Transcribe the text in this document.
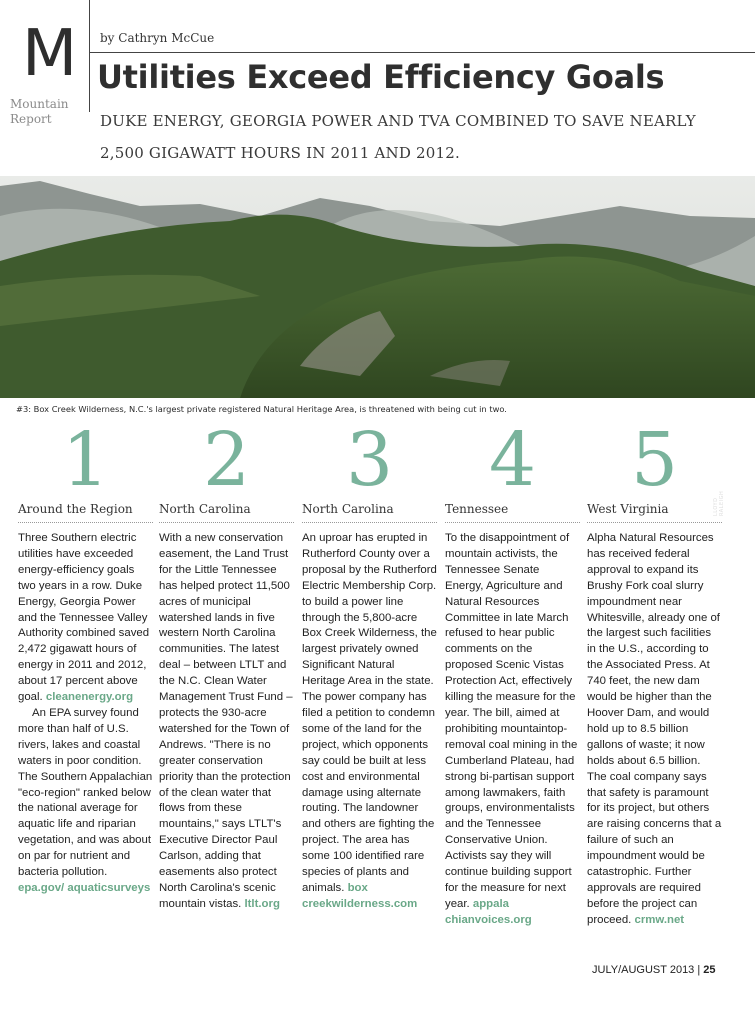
M
Mountain
Report
by Cathryn McCue
Utilities Exceed Efficiency Goals
DUKE ENERGY, GEORGIA POWER AND TVA COMBINED TO SAVE NEARLY 2,500 GIGAWATT HOURS IN 2011 AND 2012.
LLOYD RALEIGH
#3: Box Creek Wilderness, N.C.'s largest private registered Natural Heritage Area, is threatened with being cut in two.
1
Around the Region
Three Southern electric utilities have exceeded energy-efficiency goals two years in a row. Duke Energy, Georgia Power and the Tennessee Valley Authority combined saved 2,472 gigawatt hours of energy in 2011 and 2012, about 17 percent above goal. cleanenergy.org
An EPA survey found more than half of U.S. rivers, lakes and coastal waters in poor condition. The Southern Appalachian "eco-region" ranked below the national average for aquatic life and riparian vegetation, and was about on par for nutrient and bacteria pollution. epa.gov/ aquaticsurveys
2
North Carolina
With a new conservation easement, the Land Trust for the Little Tennessee has helped protect 11,500 acres of municipal watershed lands in five western North Carolina communities. The latest deal – between LTLT and the N.C. Clean Water Management Trust Fund – protects the 930-acre watershed for the Town of Andrews. "There is no greater conservation priority than the protection of the clean water that flows from these mountains," says LTLT's Executive Director Paul Carlson, adding that easements also protect North Carolina's scenic mountain vistas. ltlt.org
3
North Carolina
An uproar has erupted in Rutherford County over a proposal by the Rutherford Electric Membership Corp. to build a power line through the 5,800-acre Box Creek Wilderness, the largest privately owned Significant Natural Heritage Area in the state. The power company has filed a petition to condemn some of the land for the project, which opponents say could be built at less cost and environmental damage using alternate routing. The landowner and others are fighting the project. The area has some 100 identified rare species of plants and animals. box creekwilderness.com
4
Tennessee
To the disappointment of mountain activists, the Tennessee Senate Energy, Agriculture and Natural Resources Committee in late March refused to hear public comments on the proposed Scenic Vistas Protection Act, effectively killing the measure for the year. The bill, aimed at prohibiting mountaintop-removal coal mining in the Cumberland Plateau, had strong bi-partisan support among lawmakers, faith groups, environmentalists and the Tennessee Conservative Union. Activists say they will continue building support for the measure for next year. appala chianvoices.org
5
West Virginia
Alpha Natural Resources has received federal approval to expand its Brushy Fork coal slurry impoundment near Whitesville, already one of the largest such facilities in the U.S., according to the Associated Press. At 740 feet, the new dam would be higher than the Hoover Dam, and would hold up to 8.5 billion gallons of waste; it now holds about 6.5 billion. The coal company says that safety is paramount for its project, but others are raising concerns that a failure of such an impoundment would be catastrophic. Further approvals are required before the project can proceed. crmw.net
JULY/AUGUST 2013 | 25
